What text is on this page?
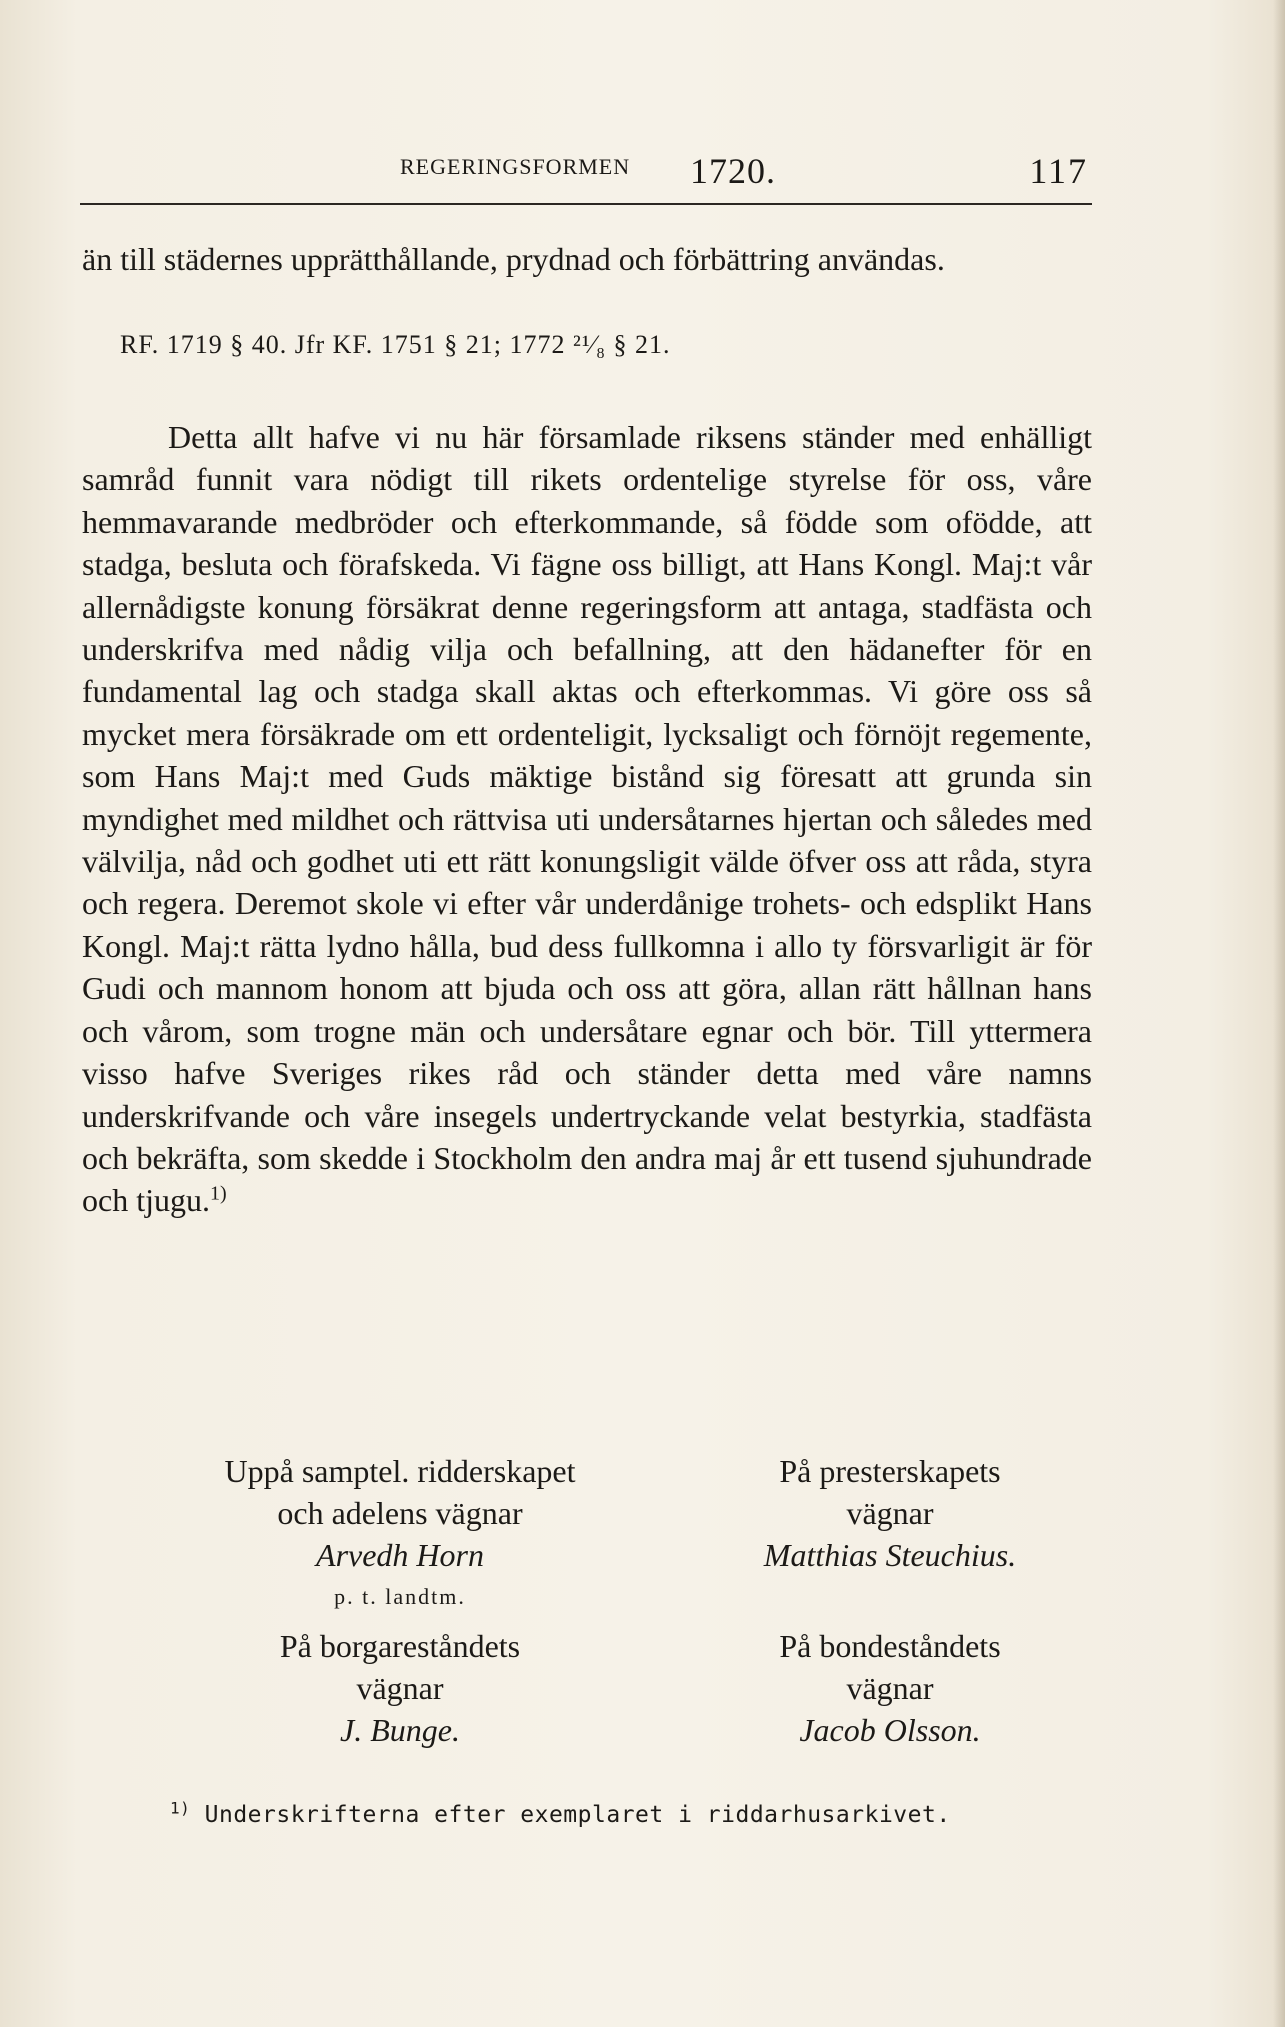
REGERINGSFORMEN 1720.	117
än till städernes upprätthållande, prydnad och förbättring användas.
RF. 1719 § 40. Jfr KF. 1751 § 21; 1772 ²¹⁄₈ § 21.
Detta allt hafve vi nu här församlade riksens ständer med enhälligt samråd funnit vara nödigt till rikets ordentelige styrelse för oss, våre hemmavarande medbröder och efterkommande, så födde som ofödde, att stadga, besluta och förafskeda. Vi fägne oss billigt, att Hans Kongl. Maj:t vår allernådigste konung försäkrat denne regeringsform att antaga, stadfästa och underskrifva med nådig vilja och befallning, att den hädanefter för en fundamental lag och stadga skall aktas och efterkommas. Vi göre oss så mycket mera försäkrade om ett ordenteligit, lycksaligt och förnöjt regemente, som Hans Maj:t med Guds mäktige bistånd sig föresatt att grunda sin myndighet med mildhet och rättvisa uti undersåtarnes hjertan och således med välvilja, nåd och godhet uti ett rätt konungsligit välde öfver oss att råda, styra och regera. Deremot skole vi efter vår underdånige trohets- och edsplikt Hans Kongl. Maj:t rätta lydno hålla, bud dess fullkomna i allo ty försvarligit är för Gudi och mannom honom att bjuda och oss att göra, allan rätt hållnan hans och vårom, som trogne män och undersåtare egnar och bör. Till yttermera visso hafve Sveriges rikes råd och ständer detta med våre namns underskrifvande och våre insegels undertryckande velat bestyrkia, stadfästa och bekräfta, som skedde i Stockholm den andra maj år ett tusend sjuhundrade och tjugu.$^{1)}$
Uppå samptel. ridderskapet
och adelens vägnar
Arvedh Horn
p. t. landtm.
På presterskapets
vägnar
Matthias Steuchius.
På borgareståndets
vägnar
J. Bunge.
På bondeståndets
vägnar
Jacob Olsson.
$^{1)}$ Underskrifterna efter exemplaret i riddarhusarkivet.
